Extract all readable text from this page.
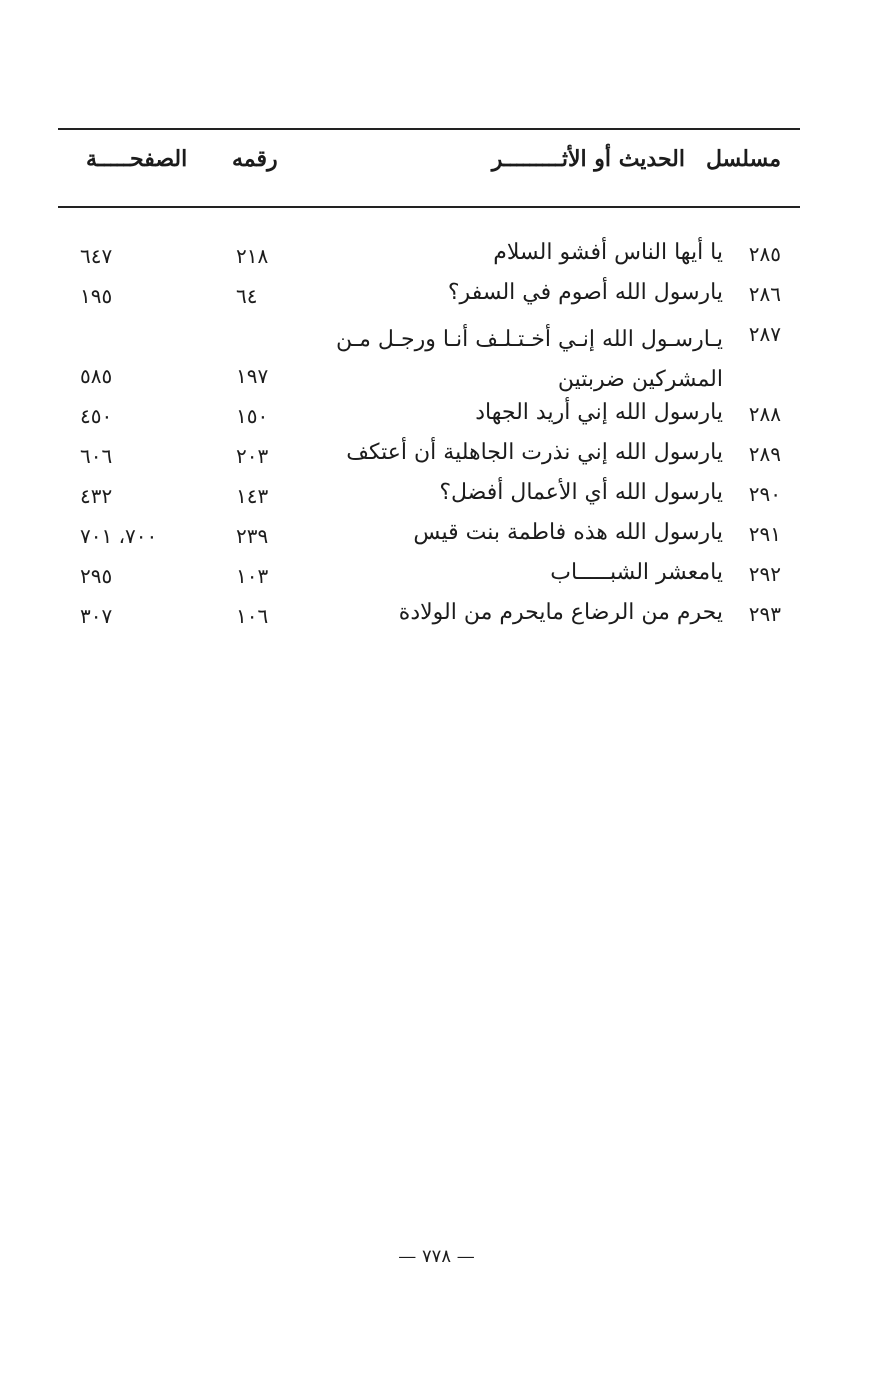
مسلسل
الحديث أو الأثـــــــــر
رقمه
الصفحـــــة
٢٨٥
يا أيها الناس أفشو السلام
٢١٨
٦٤٧
٢٨٦
يارسول الله أصوم في السفر؟
٦٤
١٩٥
٢٨٧
يـارسـول الله إنـي أخـتـلـف أنـا ورجـل مـن المشركين ضربتين
١٩٧
٥٨٥
٢٨٨
يارسول الله إني أريد الجهاد
١٥٠
٤٥٠
٢٨٩
يارسول الله إني نذرت الجاهلية أن أعتكف
٢٠٣
٦٠٦
٢٩٠
يارسول الله أي الأعمال أفضل؟
١٤٣
٤٣٢
٢٩١
يارسول الله هذه فاطمة بنت قيس
٢٣٩
٧٠٠، ٧٠١
٢٩٢
يامعشر الشبـــــاب
١٠٣
٢٩٥
٢٩٣
يحرم من الرضاع مايحرم من الولادة
١٠٦
٣٠٧
— ٧٧٨ —
